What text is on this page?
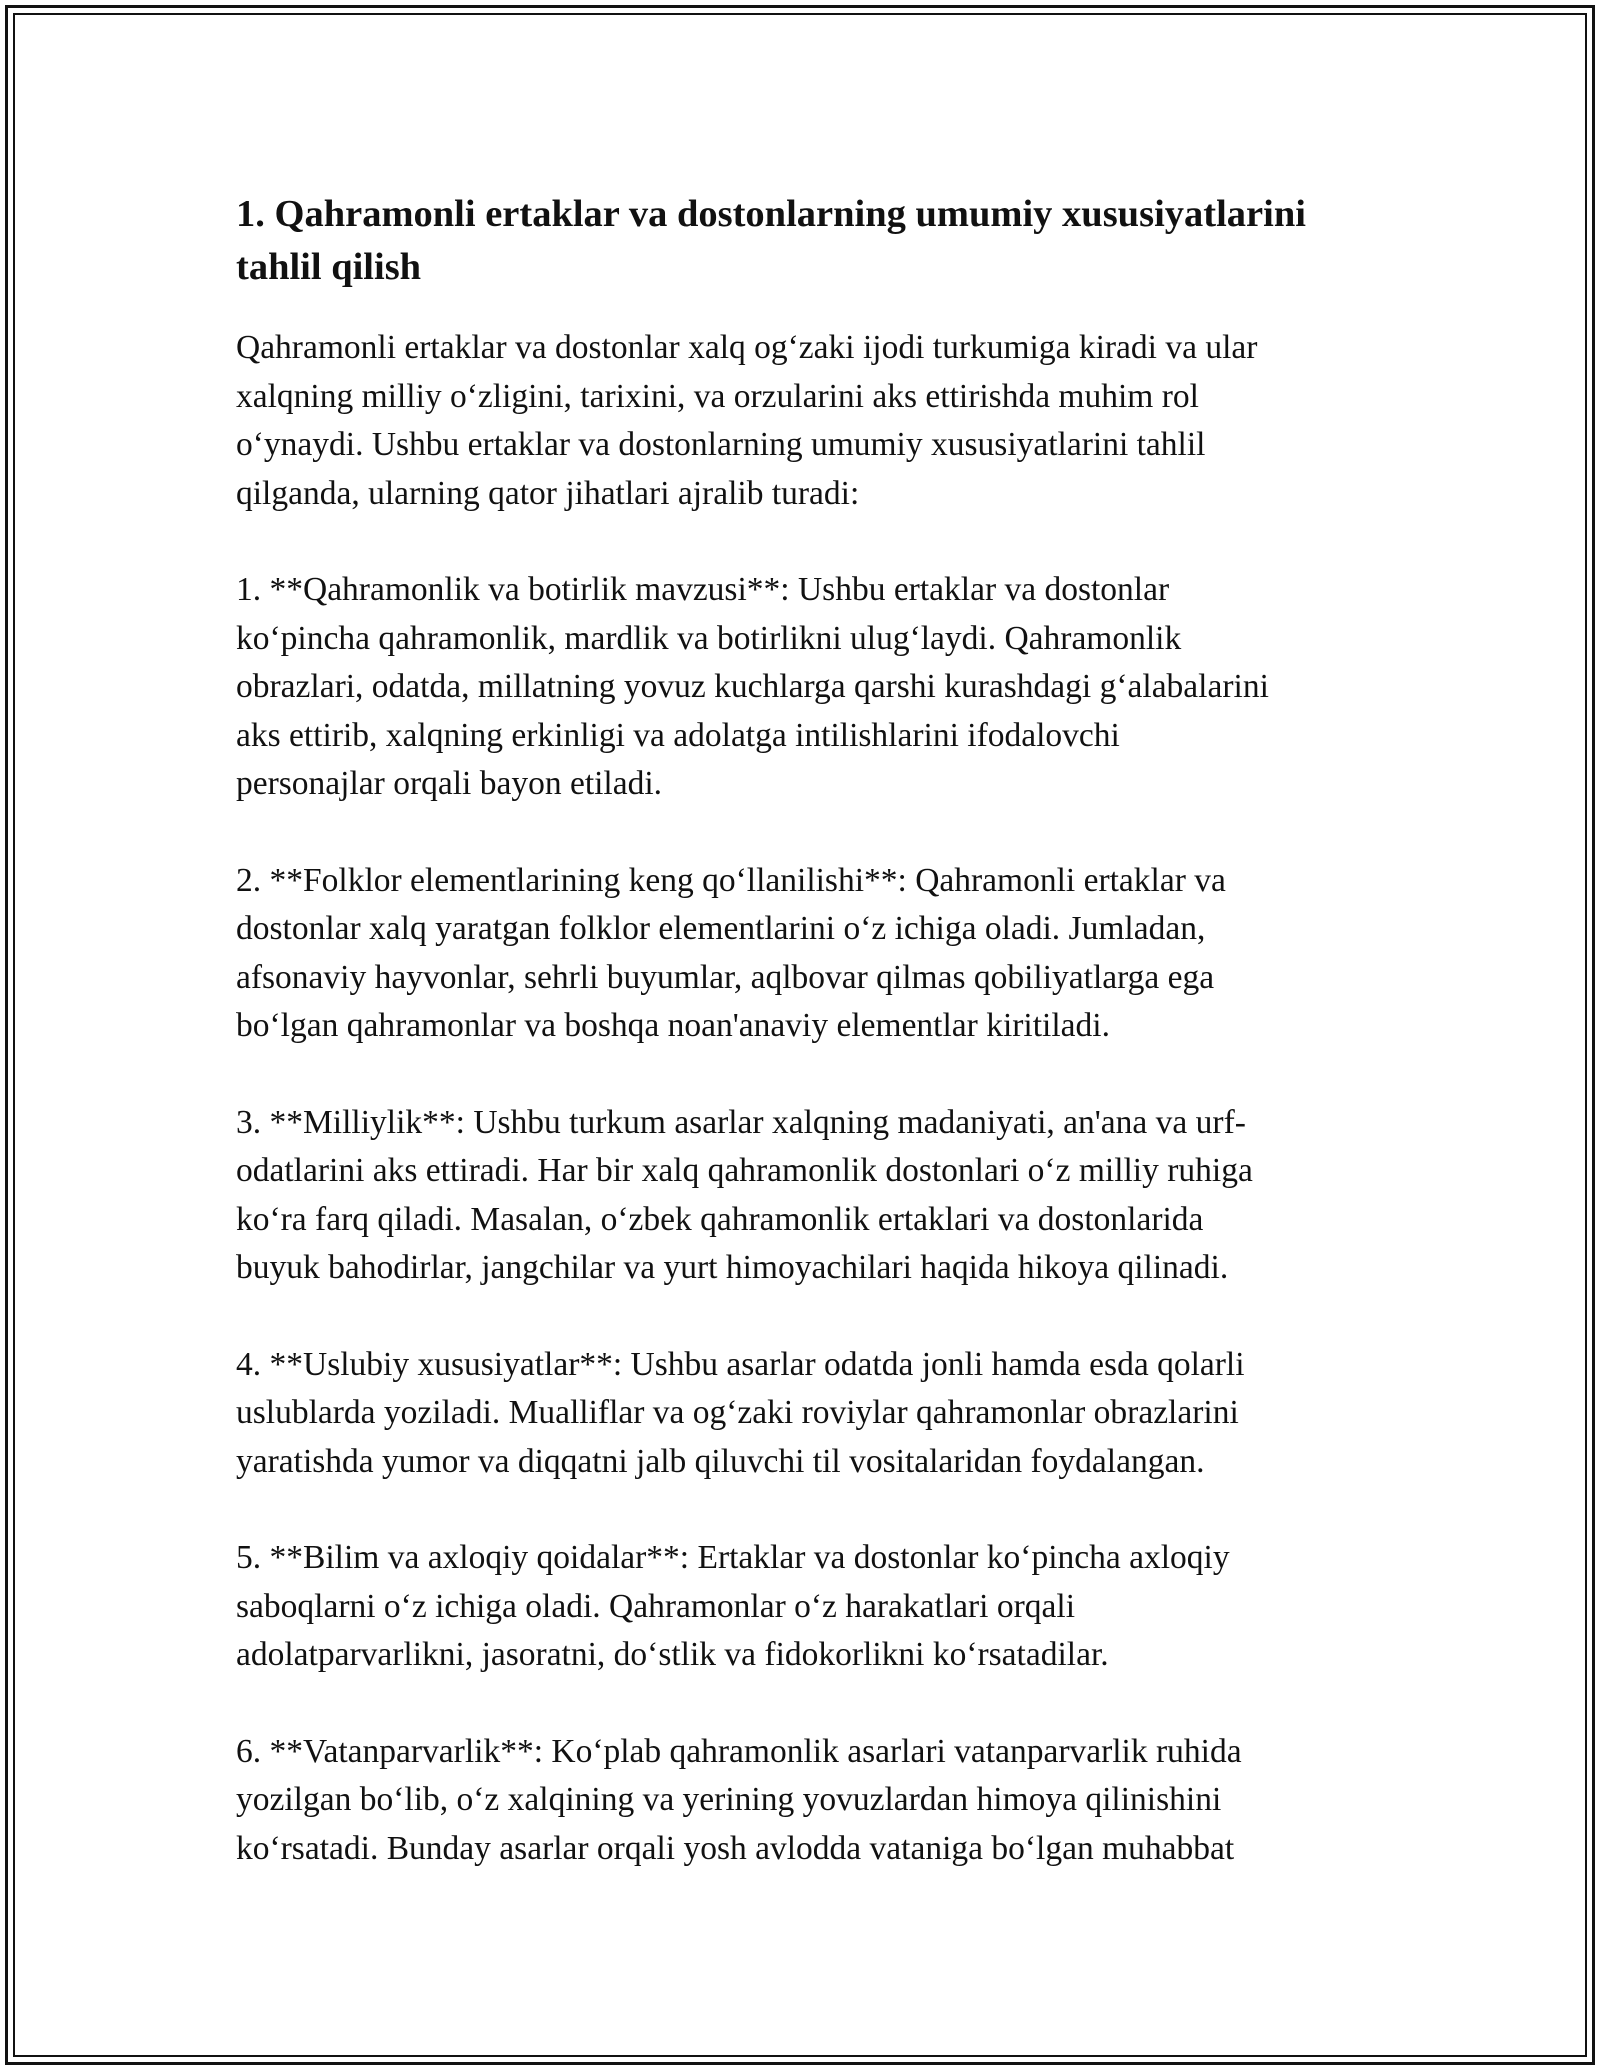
1. Qahramonli ertaklar va dostonlarning umumiy xususiyatlarini tahlil qilish

Qahramonli ertaklar va dostonlar xalq og‘zaki ijodi turkumiga kiradi va ular
xalqning milliy o‘zligini, tarixini, va orzularini aks ettirishda muhim rol
o‘ynaydi. Ushbu ertaklar va dostonlarning umumiy xususiyatlarini tahlil
qilganda, ularning qator jihatlari ajralib turadi:

1. **Qahramonlik va botirlik mavzusi**: Ushbu ertaklar va dostonlar
ko‘pincha qahramonlik, mardlik va botirlikni ulug‘laydi. Qahramonlik
obrazlari, odatda, millatning yovuz kuchlarga qarshi kurashdagi g‘alabalarini
aks ettirib, xalqning erkinligi va adolatga intilishlarini ifodalovchi
personajlar orqali bayon etiladi.

2. **Folklor elementlarining keng qo‘llanilishi**: Qahramonli ertaklar va
dostonlar xalq yaratgan folklor elementlarini o‘z ichiga oladi. Jumladan,
afsonaviy hayvonlar, sehrli buyumlar, aqlbovar qilmas qobiliyatlarga ega
bo‘lgan qahramonlar va boshqa noan'anaviy elementlar kiritiladi.

3. **Milliylik**: Ushbu turkum asarlar xalqning madaniyati, an'ana va urf-
odatlarini aks ettiradi. Har bir xalq qahramonlik dostonlari o‘z milliy ruhiga
ko‘ra farq qiladi. Masalan, o‘zbek qahramonlik ertaklari va dostonlarida
buyuk bahodirlar, jangchilar va yurt himoyachilari haqida hikoya qilinadi.

4. **Uslubiy xususiyatlar**: Ushbu asarlar odatda jonli hamda esda qolarli
uslublarda yoziladi. Mualliflar va og‘zaki roviylar qahramonlar obrazlarini
yaratishda yumor va diqqatni jalb qiluvchi til vositalaridan foydalangan.

5. **Bilim va axloqiy qoidalar**: Ertaklar va dostonlar ko‘pincha axloqiy
saboqlarni o‘z ichiga oladi. Qahramonlar o‘z harakatlari orqali
adolatparvarlikni, jasoratni, do‘stlik va fidokorlikni ko‘rsatadilar.

6. **Vatanparvarlik**: Ko‘plab qahramonlik asarlari vatanparvarlik ruhida
yozilgan bo‘lib, o‘z xalqining va yerining yovuzlardan himoya qilinishini
ko‘rsatadi. Bunday asarlar orqali yosh avlodda vataniga bo‘lgan muhabbat
